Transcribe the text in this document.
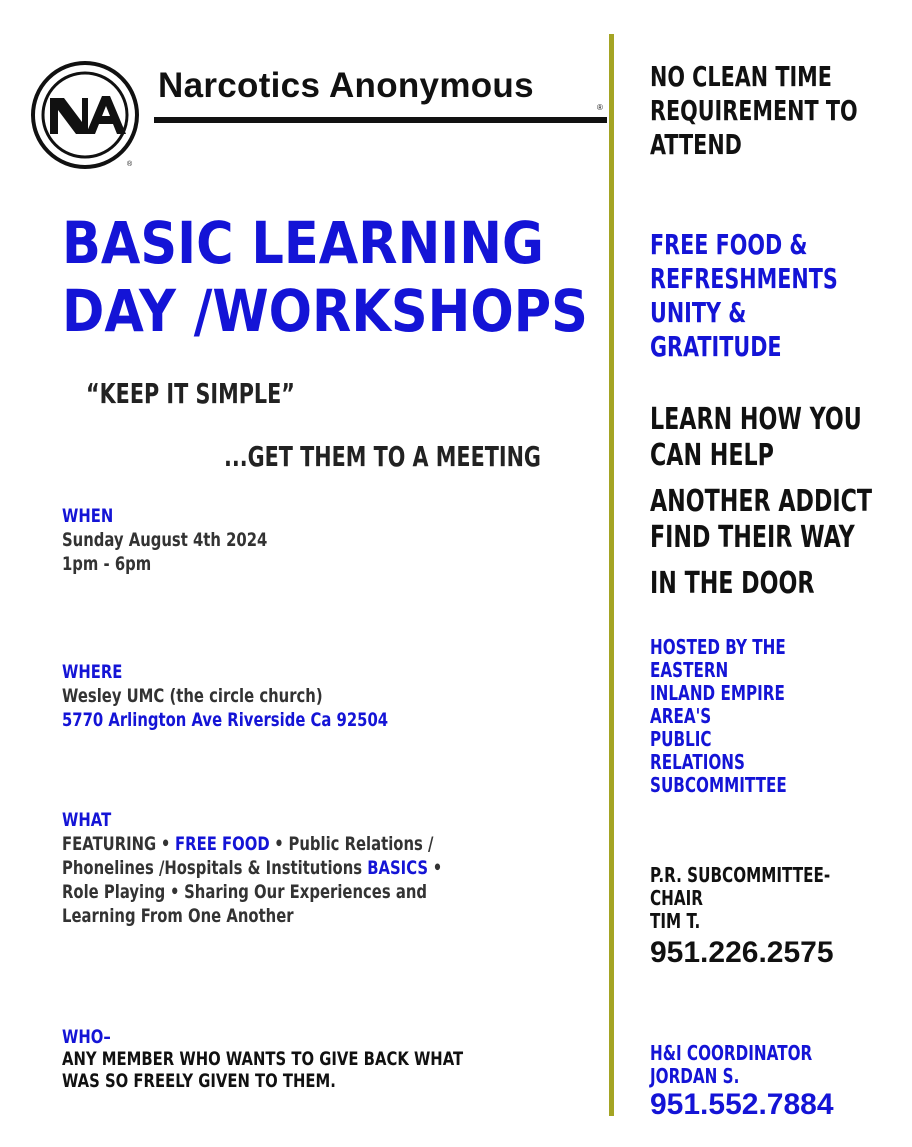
®
Narcotics Anonymous
®
BASIC LEARNING
DAY /WORKSHOPS
“KEEP IT SIMPLE”
...GET THEM TO A MEETING
WHEN
Sunday August 4th 2024
1pm - 6pm
WHERE
Wesley UMC (the circle church)
5770 Arlington Ave Riverside Ca 92504
WHAT
FEATURING • FREE FOOD • Public Relations /
Phonelines /Hospitals & Institutions BASICS •
Role Playing • Sharing Our Experiences and
Learning From One Another
WHO–
ANY MEMBER WHO WANTS TO GIVE BACK WHAT
WAS SO FREELY GIVEN TO THEM.
NO CLEAN TIME
REQUIREMENT TO
ATTEND
FREE FOOD &
REFRESHMENTS
UNITY &
GRATITUDE
LEARN HOW YOU
CAN HELP
ANOTHER ADDICT
FIND THEIR WAY
IN THE DOOR
HOSTED BY THE
EASTERN
INLAND EMPIRE
AREA'S
PUBLIC
RELATIONS
SUBCOMMITTEE
P.R. SUBCOMMITTEE-
CHAIR
TIM T.
951.226.2575
H&I COORDINATOR
JORDAN S.
951.552.7884
